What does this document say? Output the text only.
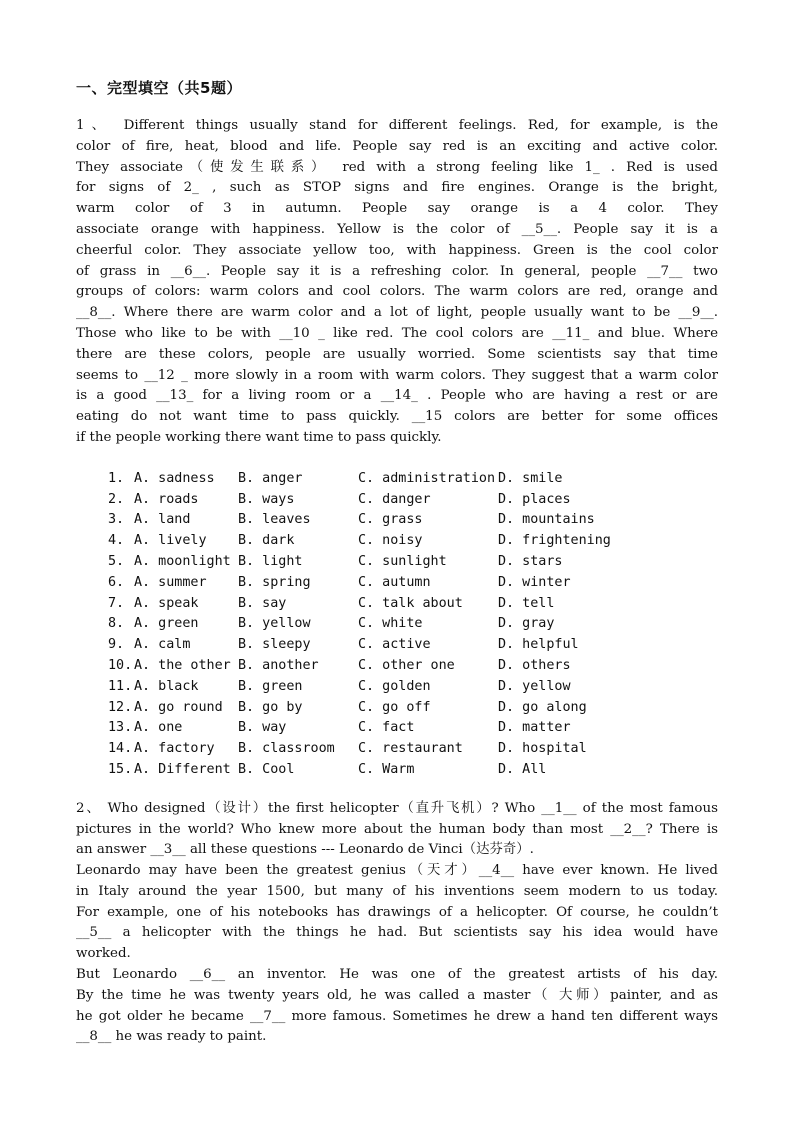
一、完型填空（共5题）
1、 Different things usually stand for different feelings. Red, for example, is the
color of fire, heat, blood and life. People say red is an exciting and active color.
They associate（使发生联系） red with a strong feeling like 1_ . Red is used
for signs of 2_ , such as STOP signs and fire engines. Orange is the bright,
warm color of 3 in autumn. People say orange is a 4 color. They
associate orange with happiness. Yellow is the color of __5__. People say it is a
cheerful color. They associate yellow too, with happiness. Green is the cool color
of grass in __6__. People say it is a refreshing color. In general, people __7__ two
groups of colors: warm colors and cool colors. The warm colors are red, orange and
__8__. Where there are warm color and a lot of light, people usually want to be __9__.
Those who like to be with __10 _ like red. The cool colors are __11_ and blue. Where
there are these colors, people are usually worried. Some scientists say that time
seems to __12 _ more slowly in a room with warm colors. They suggest that a warm color
is a good __13_ for a living room or a __14_ . People who are having a rest or are
eating do not want time to pass quickly. __15 colors are better for some offices
if the people working there want time to pass quickly.
1. A. sadness	B. anger	C. administration D. smile
2. A. roads	B. ways	C. danger	D. places
3. A. land	B. leaves	C. grass	D. mountains
4. A. lively	B. dark	C. noisy	D. frightening
5. A. moonlight B. light	C. sunlight	D. stars
6. A. summer	B. spring	C. autumn	D. winter
7. A. speak	B. say	C. talk about	D. tell
8. A. green	B. yellow	C. white	D. gray
9. A. calm	B. sleepy	C. active	D. helpful
10. A. the other B. another	C. other one	D. others
11. A. black	B. green	C. golden	D. yellow
12. A. go round	B. go by	C. go off	D. go along
13. A. one	B. way	C. fact	D. matter
14. A. factory	B. classroom	C. restaurant	D. hospital
15. A. Different B. Cool	C. Warm	D. All
2、 Who designed（设计）the first helicopter（直升飞机）? Who __1__ of the most famous
pictures in the world? Who knew more about the human body than most __2__? There is
an answer __3__ all these questions --- Leonardo de Vinci（达芬奇）.
Leonardo may have been the greatest genius（天才）__4__ have ever known. He lived
in Italy around the year 1500, but many of his inventions seem modern to us today.
For example, one of his notebooks has drawings of a helicopter. Of course, he couldn’t
__5__ a helicopter with the things he had. But scientists say his idea would have
worked.
But Leonardo __6__ an inventor. He was one of the greatest artists of his day.
By the time he was twenty years old, he was called a master（ 大师）painter, and as
he got older he became __7__ more famous. Sometimes he drew a hand ten different ways
__8__ he was ready to paint.
